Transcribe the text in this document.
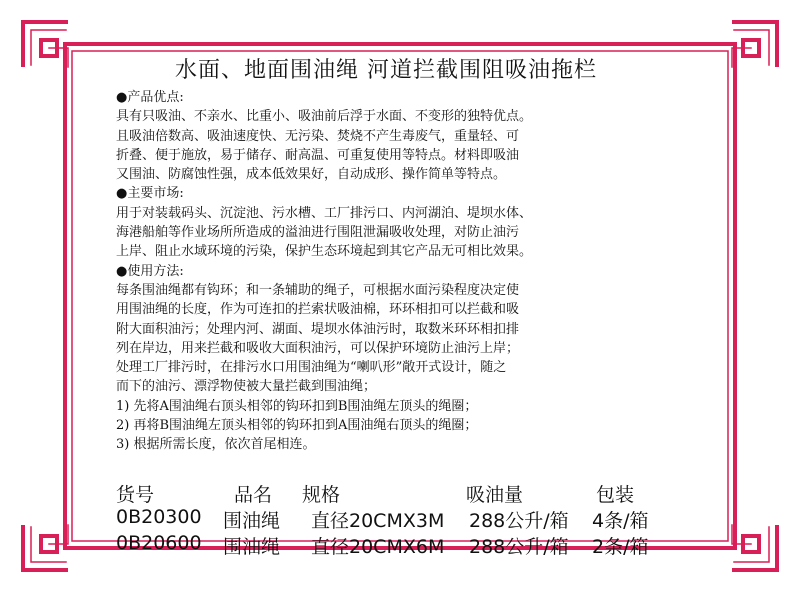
水面、地面围油绳 河道拦截围阻吸油拖栏
●产品优点:
具有只吸油、不亲水、比重小、吸油前后浮于水面、不变形的独特优点。
且吸油倍数高、吸油速度快、无污染、焚烧不产生毒废气，重量轻、可
折叠、便于施放，易于储存、耐高温、可重复使用等特点。材料即吸油
又围油、防腐蚀性强，成本低效果好，自动成形、操作简单等特点。
●主要市场:
用于对装载码头、沉淀池、污水槽、工厂排污口、内河湖泊、堤坝水体、
海港船舶等作业场所所造成的溢油进行围阻泄漏吸收处理，对防止油污
上岸、阻止水域环境的污染，保护生态环境起到其它产品无可相比效果。
●使用方法:
每条围油绳都有钩环；和一条辅助的绳子，可根据水面污染程度决定使
用围油绳的长度，作为可连扣的拦索状吸油棉，环环相扣可以拦截和吸
附大面积油污；处理内河、湖面、堤坝水体油污时，取数米环环相扣排
列在岸边，用来拦截和吸收大面积油污，可以保护环境防止油污上岸；
处理工厂排污时，在排污水口用围油绳为“喇叭形”敞开式设计，随之
而下的油污、漂浮物使被大量拦截到围油绳；
1) 先将A围油绳右顶头相邻的钩环扣到B围油绳左顶头的绳圈；
2) 再将B围油绳左顶头相邻的钩环扣到A围油绳右顶头的绳圈；
3) 根据所需长度，依次首尾相连。
货号	品名 规格	吸油量	包装
0B20300 围油绳 直径20CMX3M 288公升/箱 4条/箱
0B20600 围油绳 直径20CMX6M 288公升/箱 2条/箱
